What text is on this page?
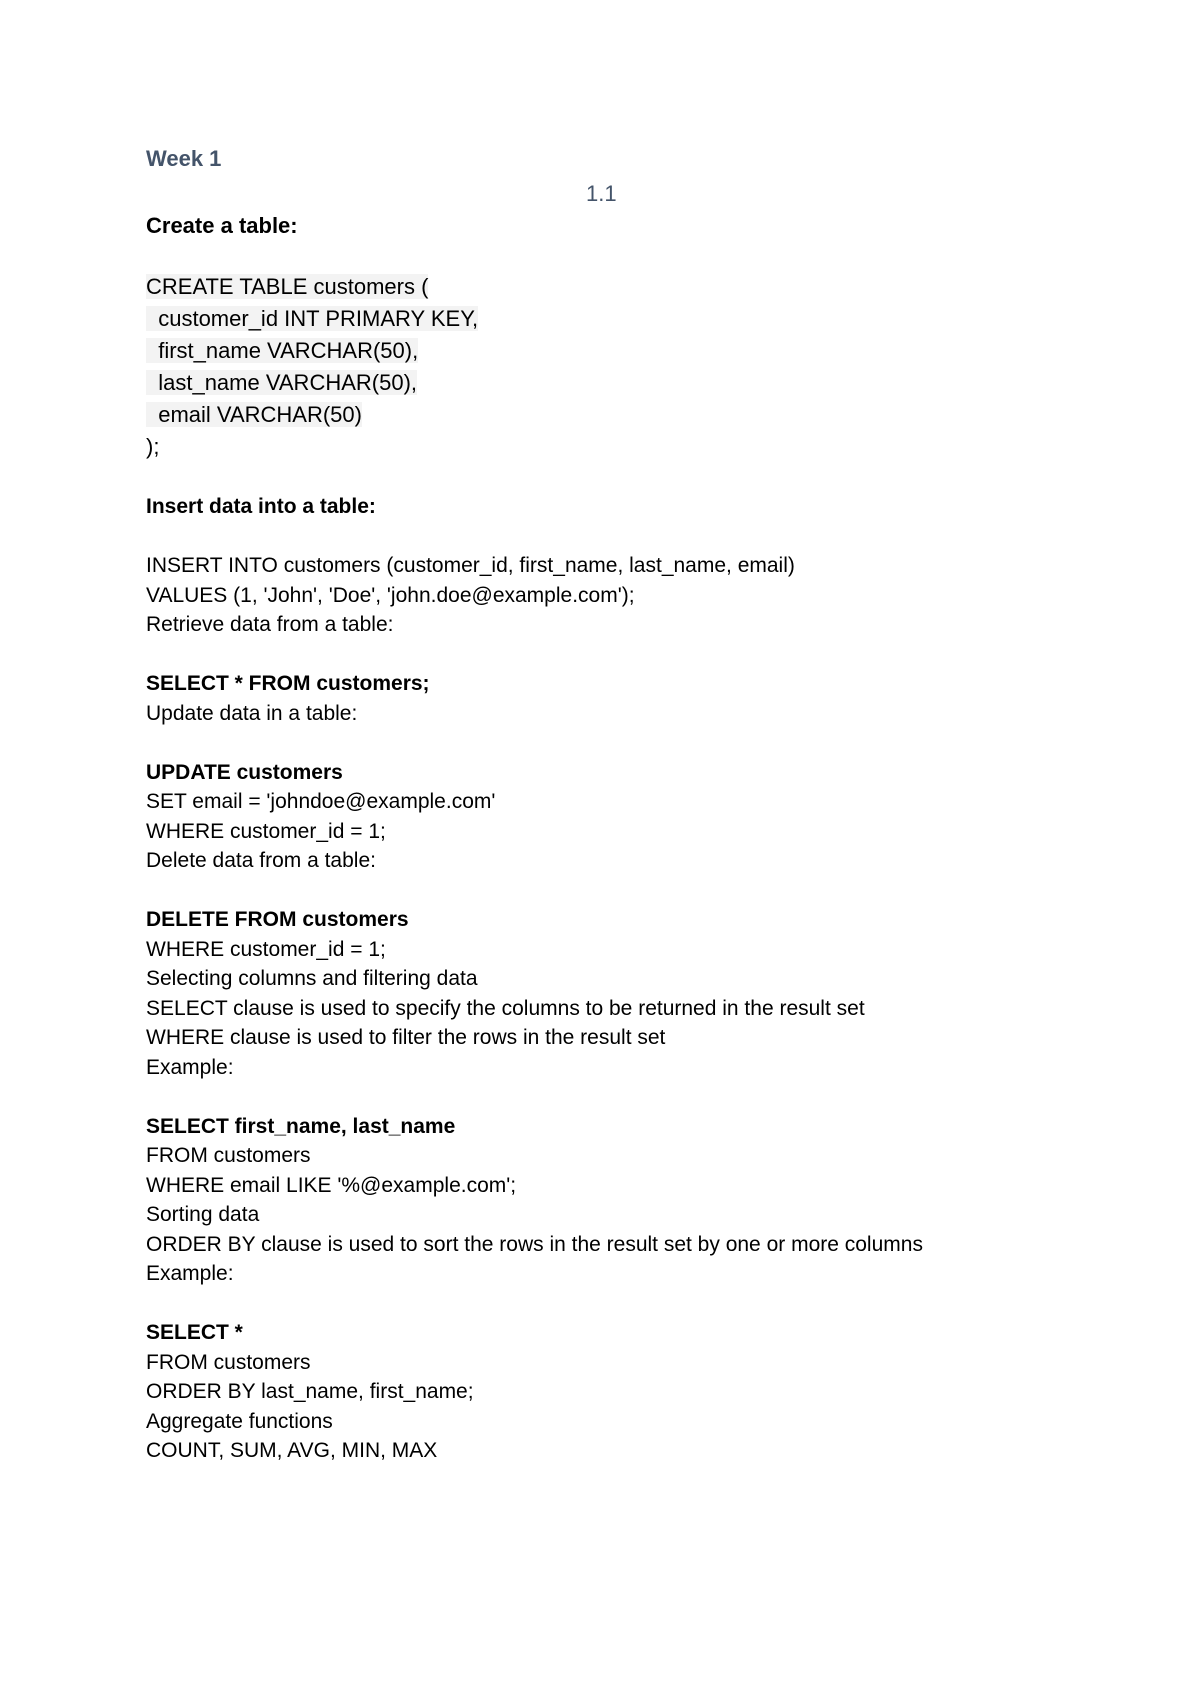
Week 1
1.1
Create a table:
CREATE TABLE customers (
customer_id INT PRIMARY KEY,
first_name VARCHAR(50),
last_name VARCHAR(50),
email VARCHAR(50)
);
Insert data into a table:
INSERT INTO customers (customer_id, first_name, last_name, email)
VALUES (1, 'John', 'Doe', 'john.doe@example.com');
Retrieve data from a table:
SELECT * FROM customers;
Update data in a table:
UPDATE customers
SET email = 'johndoe@example.com'
WHERE customer_id = 1;
Delete data from a table:
DELETE FROM customers
WHERE customer_id = 1;
Selecting columns and filtering data
SELECT clause is used to specify the columns to be returned in the result set
WHERE clause is used to filter the rows in the result set
Example:
SELECT first_name, last_name
FROM customers
WHERE email LIKE '%@example.com';
Sorting data
ORDER BY clause is used to sort the rows in the result set by one or more columns
Example:
SELECT *
FROM customers
ORDER BY last_name, first_name;
Aggregate functions
COUNT, SUM, AVG, MIN, MAX
